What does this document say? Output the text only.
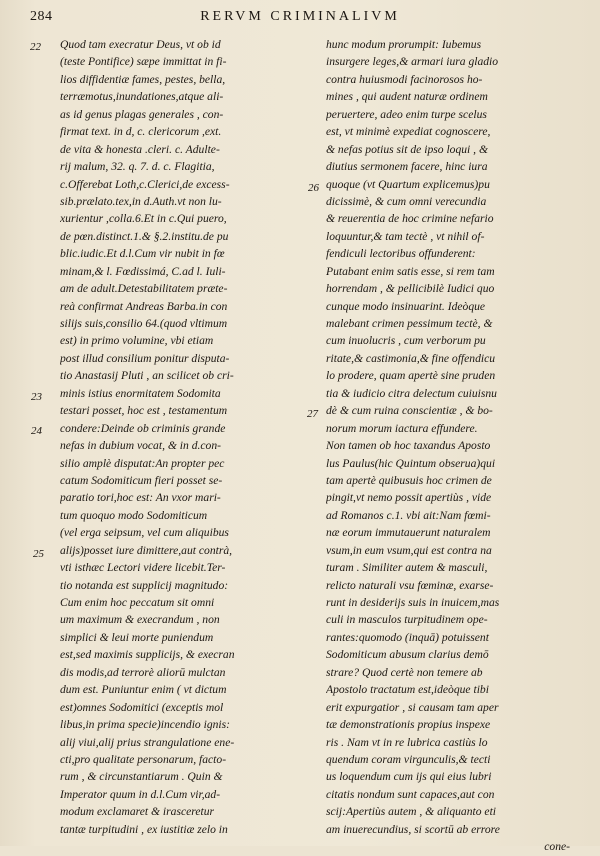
284	RERVM CRIMINALIVM
22
23
24
25
26
27
Quod tam execratur Deus, vt ob id
(teste Pontifice) sæpe immittat in fi-
lios diffidentiæ fames, pestes, bella,
terræmotus,inundationes,atque ali-
as id genus plagas generales , con-
firmat text. in d, c. clericorum ,ext.
de vita & honesta .cleri. c. Adulte-
rij malum, 32. q. 7. d. c. Flagitia,
c.Offerebat Loth,c.Clerici,de excess-
sib.prælato.tex,in d.Auth.vt non lu-
xurientur ,colla.6.Et in c.Qui puero,
de pœn.distinct.1.& §.2.institu.de pu
blic.iudic.Et d.l.Cum vir nubit in fœ
minam,& l. Fœdissimá, C.ad l. Iuli-
am de adult.Detestabilitatem præte-
reà confirmat Andreas Barba.in con
silijs suis,consilio 64.(quod vltimum
est) in primo volumine, vbi etiam
post illud consilium ponitur disputa-
tio Anastasij Pluti , an scilicet ob cri-
minis istius enormitatem Sodomita
testari posset, hoc est , testamentum
condere:Deinde ob criminis grande
nefas in dubium vocat, & in d.con-
silio amplè disputat:An propter pec
catum Sodomiticum fieri posset se-
paratio tori,hoc est: An vxor mari-
tum quoquo modo Sodomiticum
(vel erga seipsum, vel cum aliquibus
alijs)posset iure dimittere,aut contrà,
vti isthæc Lectori videre licebit.Ter-
tio notanda est supplicij magnitudo:
Cum enim hoc peccatum sit omni
um maximum & execrandum , non
simplici & leui morte puniendum
est,sed maximis supplicijs, & execran
dis modis,ad terrorè aliorū mulctan
dum est. Puniuntur enim ( vt dictum
est)omnes Sodomitici (exceptis mol
libus,in prima specie)incendio ignis:
alij viui,alij prius strangulatione ene-
cti,pro qualitate personarum, facto-
rum , & circunstantiarum . Quin &
Imperator quum in d.l.Cum vir,ad-
modum exclamaret & irasceretur
tantæ turpitudini , ex iustitiæ zelo in
hunc modum prorumpit: Iubemus
insurgere leges,& armari iura gladio
contra huiusmodi facinorosos ho-
mines , qui audent naturæ ordinem
peruertere, adeo enim turpe scelus
est, vt minimè expediat cognoscere,
& nefas potius sit de ipso loqui , &
diutius sermonem facere, hinc iura
quoque (vt Quartum explicemus)pu
dicissimè, & cum omni verecundia
& reuerentia de hoc crimine nefario
loquuntur,& tam tectè , vt nihil of-
fendiculi lectoribus offunderent:
Putabant enim satis esse, si rem tam
horrendam , & pellicibilè Iudici quo
cunque modo insinuarint. Ideòque
malebant crimen pessimum tectè, &
cum inuolucris , cum verborum pu
ritate,& castimonia,& fine offendicu
lo prodere, quam apertè sine pruden
tia & iudicio citra delectum cuiuisnu
dè & cum ruina conscientiæ , & bo-
norum morum iactura effundere.
Non tamen ob hoc taxandus Aposto
lus Paulus(hic Quintum obserua)qui
tam apertè quibusuis hoc crimen de
pingit,vt nemo possit apertiùs , vide
ad Romanos c.1. vbi ait:Nam fœmi-
næ eorum immutauerunt naturalem
vsum,in eum vsum,qui est contra na
turam . Similiter autem & masculi,
relicto naturali vsu fœminæ, exarse-
runt in desiderijs suis in inuicem,mas
culi in masculos turpitudinem ope-
rantes:quomodo (inquā) potuissent
Sodomiticum abusum clarius demō
strare? Quod certè non temere ab
Apostolo tractatum est,ideòque tibi
erit expurgatior , si causam tam aper
tæ demonstrationis propius inspexe
ris . Nam vt in re lubrica castiùs lo
quendum coram virgunculis,& tecti
us loquendum cum ijs qui eius lubri
citatis nondum sunt capaces,aut con
scij:Apertiùs autem , & aliquanto eti
am inuerecundius, si scortū ab errore
cone-
